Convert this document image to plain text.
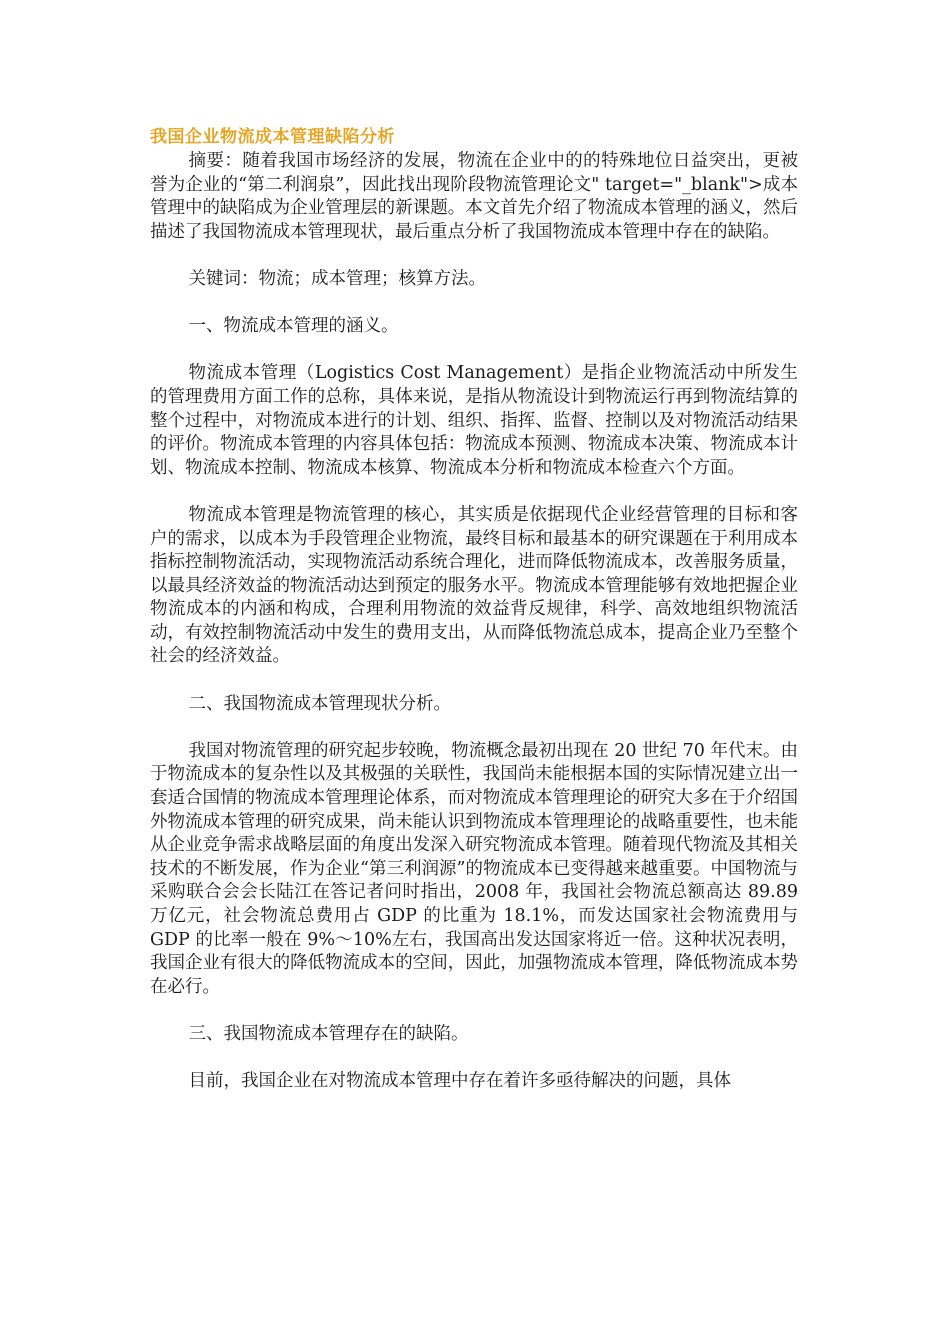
我国企业物流成本管理缺陷分析

摘要：随着我国市场经济的发展，物流在企业中的的特殊地位日益突出，更被誉为企业的“第二利润泉”，因此找出现阶段物流管理论文" target="_blank">成本管理中的缺陷成为企业管理层的新课题。本文首先介绍了物流成本管理的涵义，然后描述了我国物流成本管理现状，最后重点分析了我国物流成本管理中存在的缺陷。

关键词：物流；成本管理；核算方法。

一、物流成本管理的涵义。

物流成本管理（Logistics Cost Management）是指企业物流活动中所发生的管理费用方面工作的总称，具体来说，是指从物流设计到物流运行再到物流结算的整个过程中，对物流成本进行的计划、组织、指挥、监督、控制以及对物流活动结果的评价。物流成本管理的内容具体包括：物流成本预测、物流成本决策、物流成本计划、物流成本控制、物流成本核算、物流成本分析和物流成本检查六个方面。

物流成本管理是物流管理的核心，其实质是依据现代企业经营管理的目标和客户的需求，以成本为手段管理企业物流，最终目标和最基本的研究课题在于利用成本指标控制物流活动，实现物流活动系统合理化，进而降低物流成本，改善服务质量，以最具经济效益的物流活动达到预定的服务水平。物流成本管理能够有效地把握企业物流成本的内涵和构成，合理利用物流的效益背反规律，科学、高效地组织物流活动，有效控制物流活动中发生的费用支出，从而降低物流总成本，提高企业乃至整个社会的经济效益。

二、我国物流成本管理现状分析。

我国对物流管理的研究起步较晚，物流概念最初出现在 20 世纪 70 年代末。由于物流成本的复杂性以及其极强的关联性，我国尚未能根据本国的实际情况建立出一套适合国情的物流成本管理理论体系，而对物流成本管理理论的研究大多在于介绍国外物流成本管理的研究成果，尚未能认识到物流成本管理理论的战略重要性，也未能从企业竞争需求战略层面的角度出发深入研究物流成本管理。随着现代物流及其相关技术的不断发展，作为企业“第三利润源”的物流成本已变得越来越重要。中国物流与采购联合会会长陆江在答记者问时指出，2008 年，我国社会物流总额高达 89.89 万亿元，社会物流总费用占 GDP 的比重为 18.1%，而发达国家社会物流费用与 GDP 的比率一般在 9%～10%左右，我国高出发达国家将近一倍。这种状况表明，我国企业有很大的降低物流成本的空间，因此，加强物流成本管理，降低物流成本势在必行。

三、我国物流成本管理存在的缺陷。

目前，我国企业在对物流成本管理中存在着许多亟待解决的问题，具体
